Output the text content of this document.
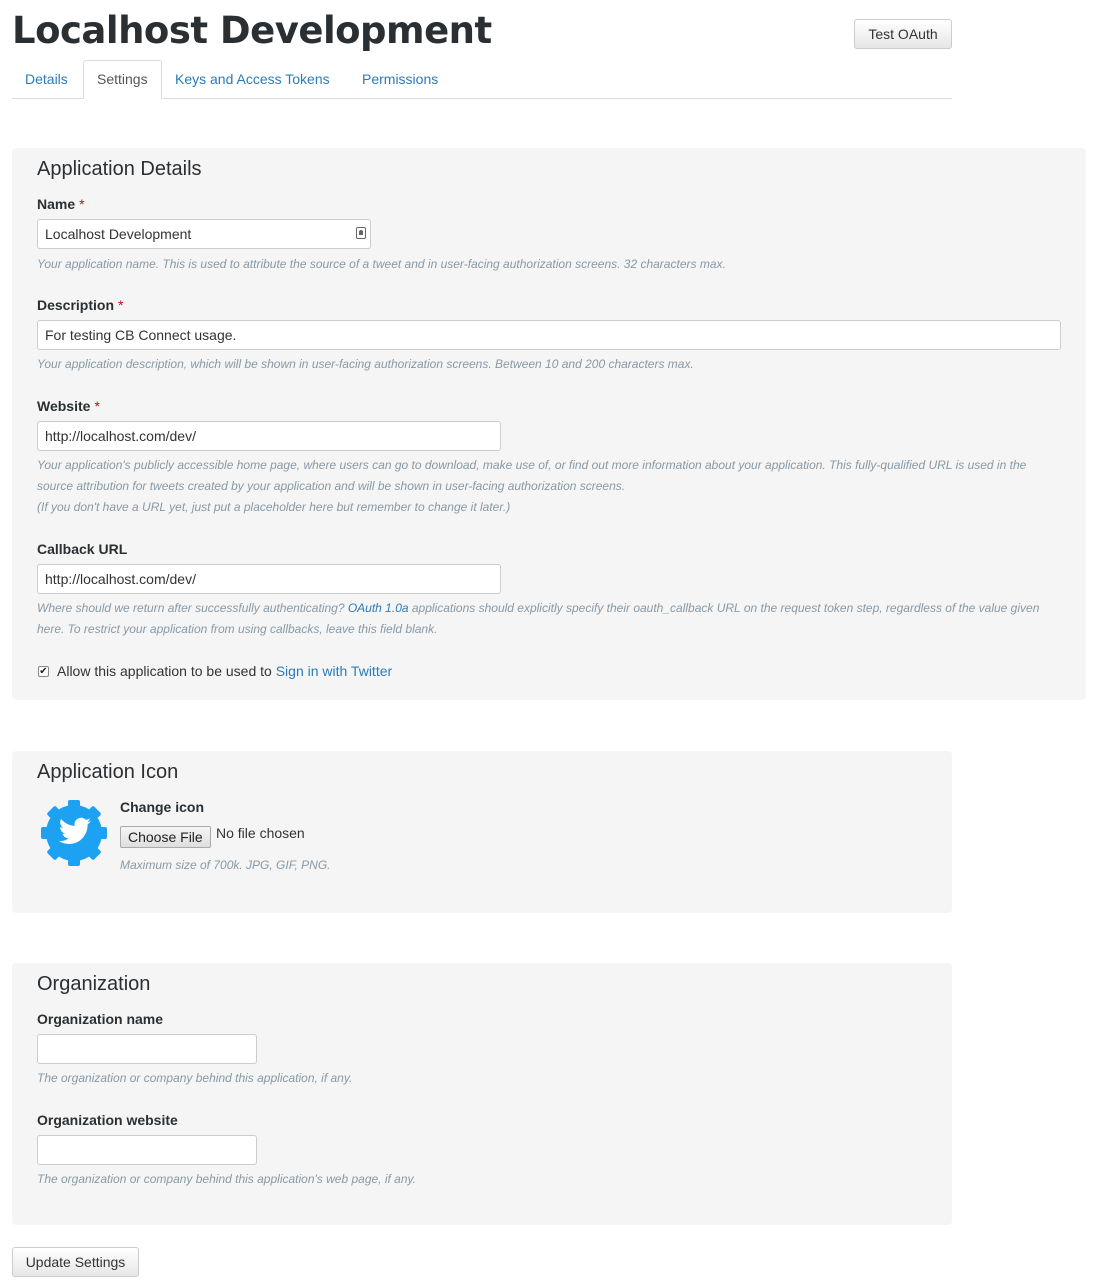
Localhost Development	Test OAuth
Details	Settings	Keys and Access Tokens	Permissions
Application Details
Name *
Localhost Development
Your application name. This is used to attribute the source of a tweet and in user-facing authorization screens. 32 characters max.
Description *
For testing CB Connect usage.
Your application description, which will be shown in user-facing authorization screens. Between 10 and 200 characters max.
Website *
http://localhost.com/dev/
Your application's publicly accessible home page, where users can go to download, make use of, or find out more information about your application. This fully-qualified URL is used in the
source attribution for tweets created by your application and will be shown in user-facing authorization screens.
(If you don't have a URL yet, just put a placeholder here but remember to change it later.)
Callback URL
http://localhost.com/dev/
Where should we return after successfully authenticating? OAuth 1.0a applications should explicitly specify their oauth_callback URL on the request token step, regardless of the value given
here. To restrict your application from using callbacks, leave this field blank.
✔ Allow this application to be used to Sign in with Twitter
Application Icon
Change icon
Choose File No file chosen
Maximum size of 700k. JPG, GIF, PNG.
Organization
Organization name
The organization or company behind this application, if any.
Organization website
The organization or company behind this application's web page, if any.
Update Settings
